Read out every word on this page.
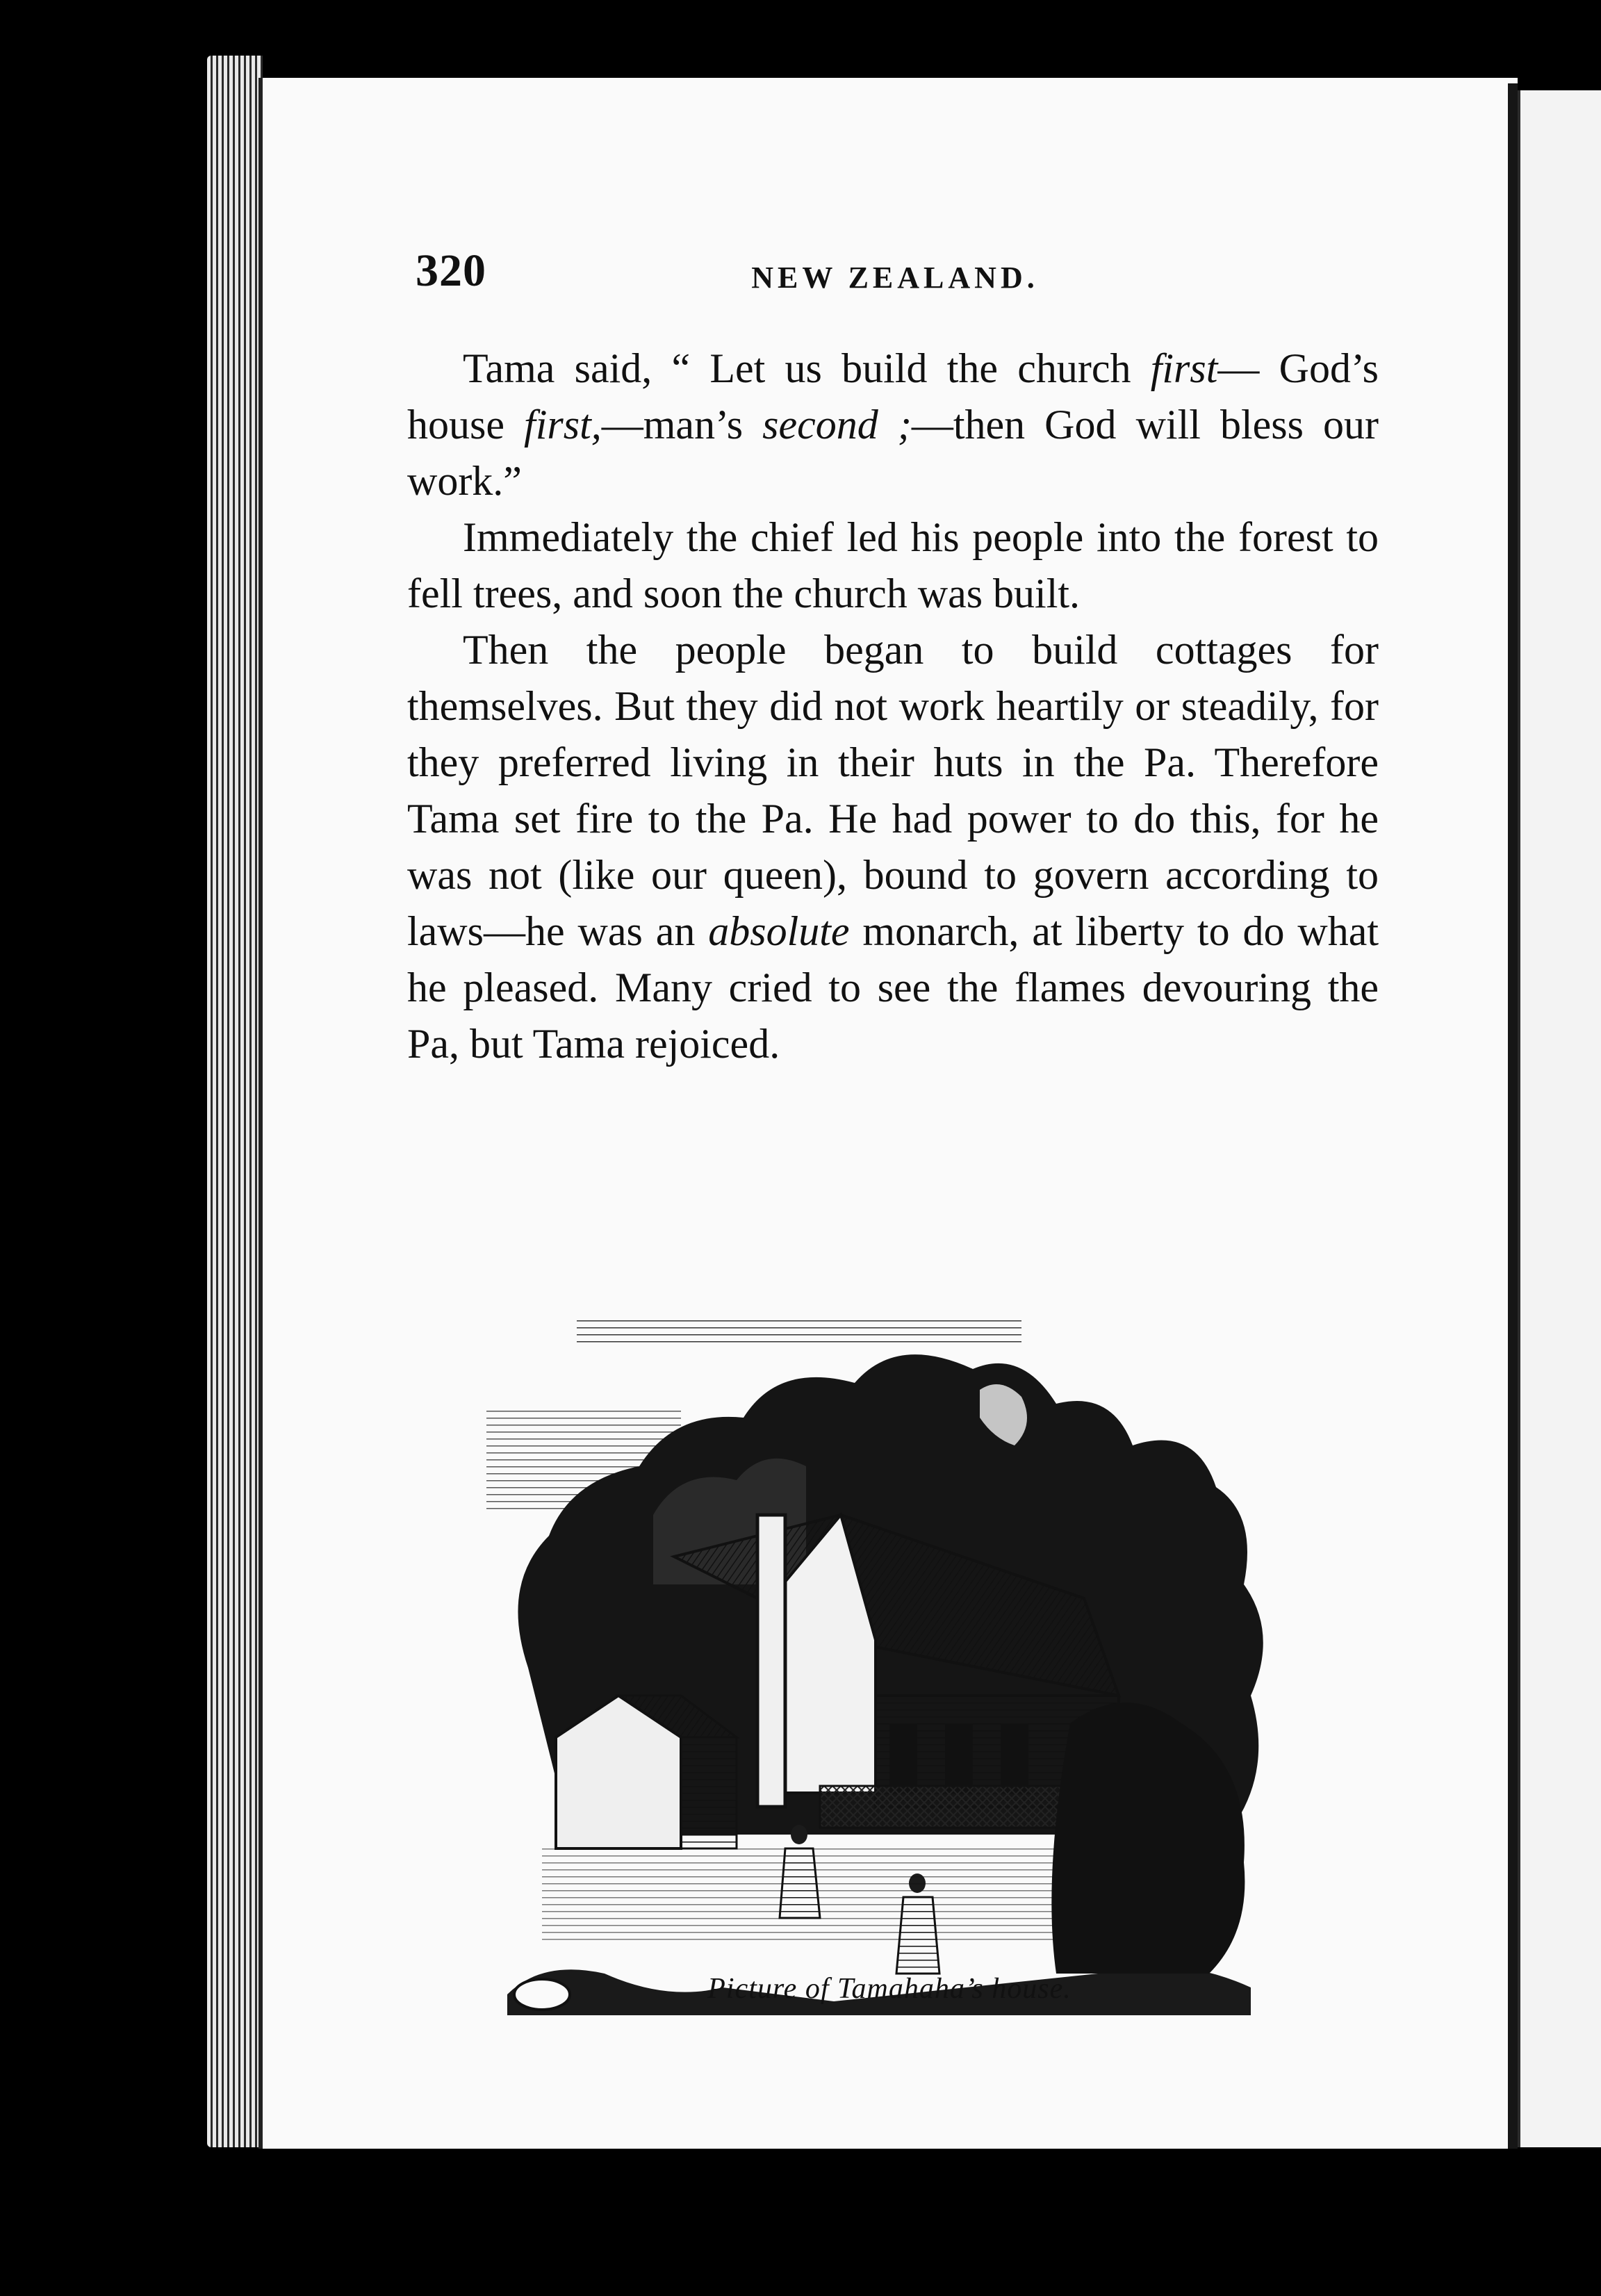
320	NEW ZEALAND.

Tama said, “ Let us build the church first— God’s house first,—man’s second ;—then God will bless our work.”

Immediately the chief led his people into the forest to fell trees, and soon the church was built.

Then the people began to build cottages for themselves. But they did not work heartily or steadily, for they preferred living in their huts in the Pa. Therefore Tama set fire to the Pa. He had power to do this, for he was not (like our queen), bound to govern according to laws—he was an absolute monarch, at liberty to do what he pleased. Many cried to see the flames devouring the Pa, but Tama rejoiced.

Picture of Tamahaha’s house.
